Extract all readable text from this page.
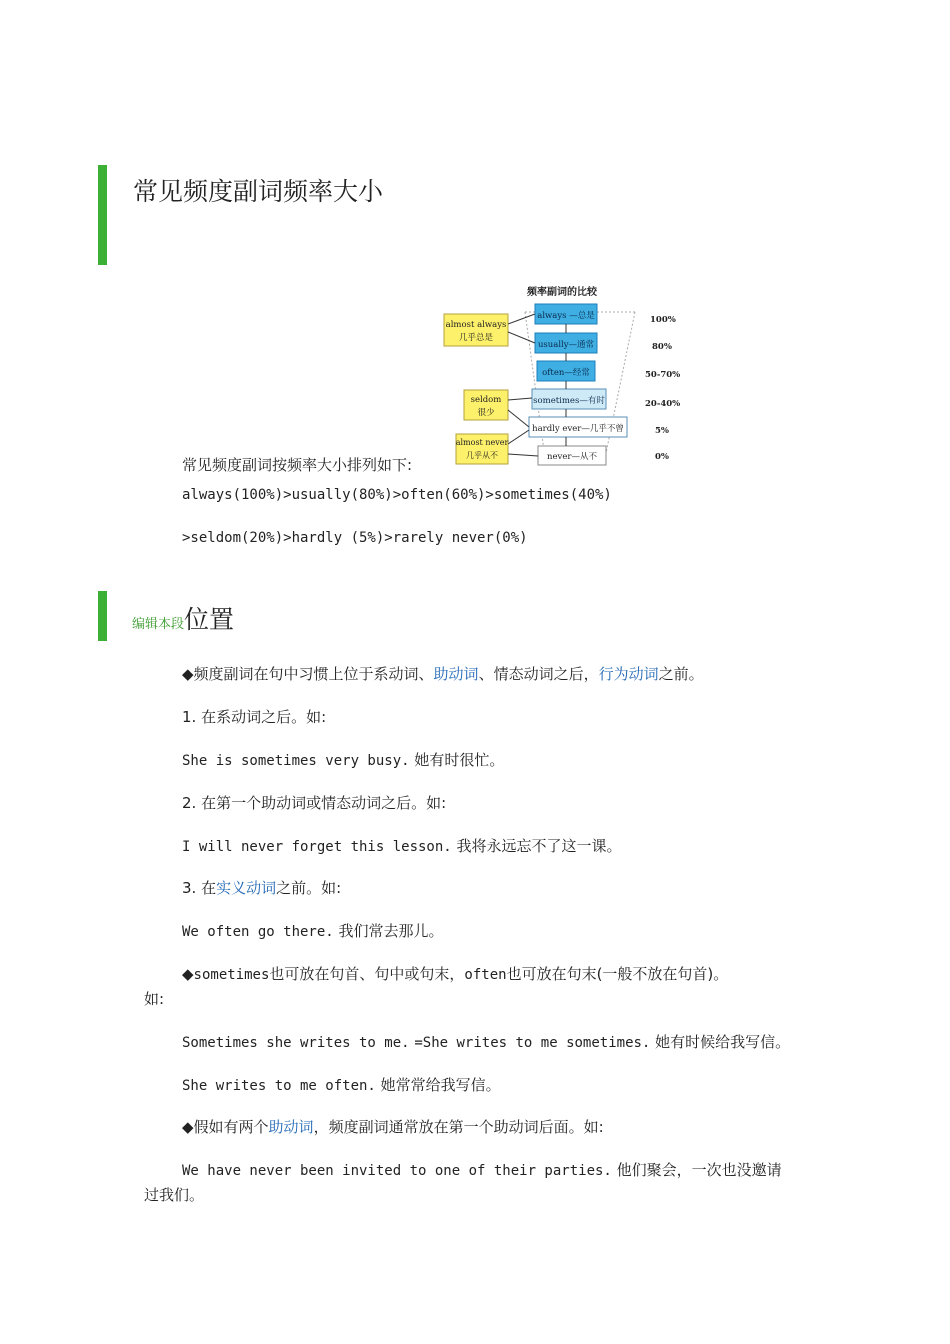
常见频度副词频率大小
频率副词的比较
always —总是
usually—通常
often—经常
sometimes—有时
hardly ever—几乎不曾
never—从不
almost always
几乎总是
seldom
很少
almost never
几乎从不
100%
80%
50-70%
20-40%
5%
0%
常见频度副词按频率大小排列如下:
always(100%)>usually(80%)>often(60%)>sometimes(40%)
>seldom(20%)>hardly (5%)>rarely never(0%)
编辑本段位置
◆频度副词在句中习惯上位于系动词、助动词、情态动词之后，行为动词之前。
1. 在系动词之后。如:
She is sometimes very busy. 她有时很忙。
2. 在第一个助动词或情态动词之后。如:
I will never forget this lesson. 我将永远忘不了这一课。
3. 在实义动词之前。如:
We often go there. 我们常去那儿。
◆sometimes也可放在句首、句中或句末，often也可放在句末(一般不放在句首)。
如:
Sometimes she writes to me. =She writes to me sometimes. 她有时候给我写信。
She writes to me often. 她常常给我写信。
◆假如有两个助动词，频度副词通常放在第一个助动词后面。如:
We have never been invited to one of their parties. 他们聚会，一次也没邀请
过我们。
